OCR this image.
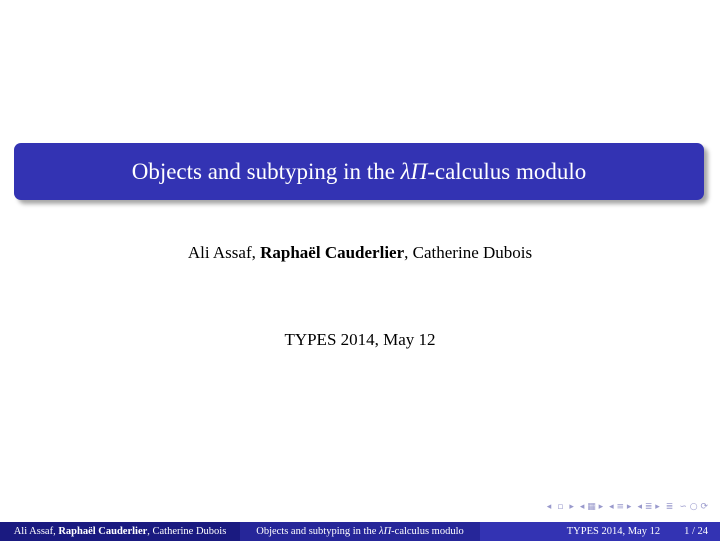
Objects and subtyping in the λΠ-calculus modulo
Ali Assaf, Raphaël Cauderlier, Catherine Dubois
TYPES 2014, May 12
◂ ▫ ▸ ◂ ▦ ▸ ◂ ≡ ▸ ◂ ≣ ▸ ≣ ∽ ○ ⟳
Ali Assaf, Raphaël Cauderlier, Catherine Dubois	Objects and subtyping in the λΠ-calculus modulo	TYPES 2014, May 12 1 / 24
